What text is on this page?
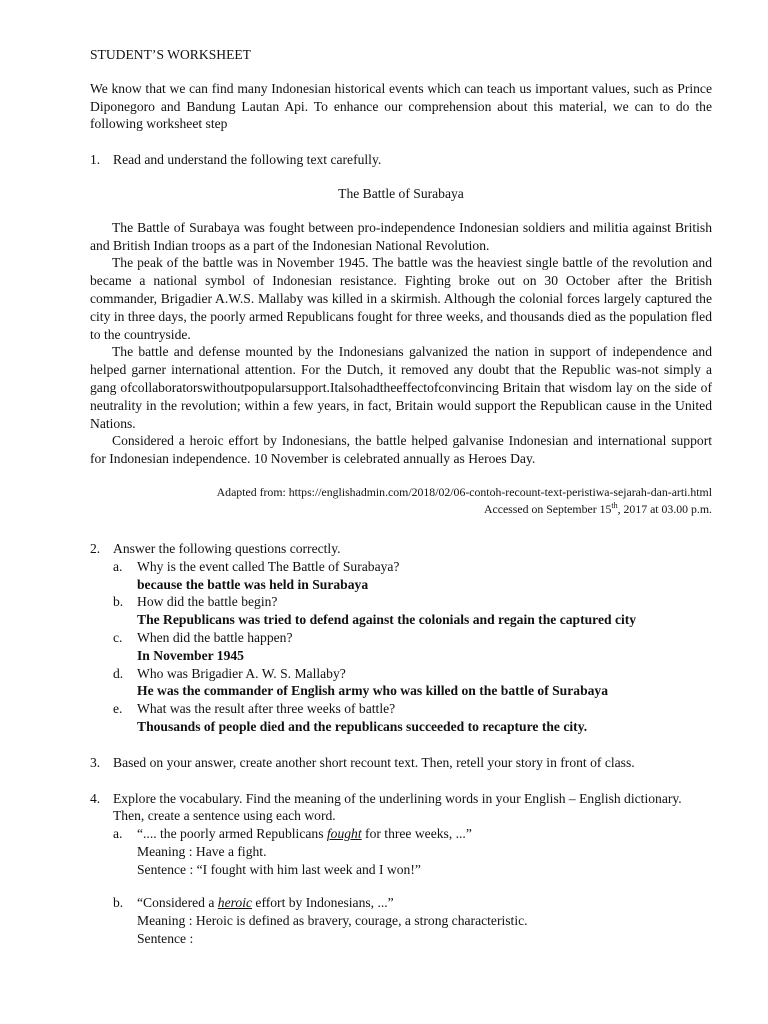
STUDENT’S WORKSHEET

We know that we can find many Indonesian historical events which can teach us important values, such as Prince Diponegoro and Bandung Lautan Api. To enhance our comprehension about this material, we can to do the following worksheet step

1. Read and understand the following text carefully.

The Battle of Surabaya

The Battle of Surabaya was fought between pro-independence Indonesian soldiers and militia against British and British Indian troops as a part of the Indonesian National Revolution.

The peak of the battle was in November 1945. The battle was the heaviest single battle of the revolution and became a national symbol of Indonesian resistance. Fighting broke out on 30 October after the British commander, Brigadier A.W.S. Mallaby was killed in a skirmish. Although the colonial forces largely captured the city in three days, the poorly armed Republicans fought for three weeks, and thousands died as the population fled to the countryside.

The battle and defense mounted by the Indonesians galvanized the nation in support of independence and helped garner international attention. For the Dutch, it removed any doubt that the Republic was-not simply a gang ofcollaboratorswithoutpopularsupport.Italsohadtheeffectofconvincing Britain that wisdom lay on the side of neutrality in the revolution; within a few years, in fact, Britain would support the Republican cause in the United Nations.

Considered a heroic effort by Indonesians, the battle helped galvanise Indonesian and international support for Indonesian independence. 10 November is celebrated annually as Heroes Day.

Adapted from: https://englishadmin.com/2018/02/06-contoh-recount-text-peristiwa-sejarah-dan-arti.html
Accessed on September 15th, 2017 at 03.00 p.m.
2. Answer the following questions correctly.
a.	Why is the event called The Battle of Surabaya?
because the battle was held in Surabaya
b.	How did the battle begin?
The Republicans was tried to defend against the colonials and regain the captured city
c.	When did the battle happen?
In November 1945
d.	Who was Brigadier A. W. S. Mallaby?
He was the commander of English army who was killed on the battle of Surabaya
e.	What was the result after three weeks of battle?
Thousands of people died and the republicans succeeded to recapture the city.
3. Based on your answer, create another short recount text. Then, retell your story in front of class.
4. Explore the vocabulary. Find the meaning of the underlining words in your English – English dictionary. Then, create a sentence using each word.
a.	“.... the poorly armed Republicans fought for three weeks, ...”
Meaning : Have a fight.
Sentence : “I fought with him last week and I won!”
b.	“Considered a heroic effort by Indonesians, ...”
Meaning : Heroic is defined as bravery, courage, a strong characteristic.
Sentence :
